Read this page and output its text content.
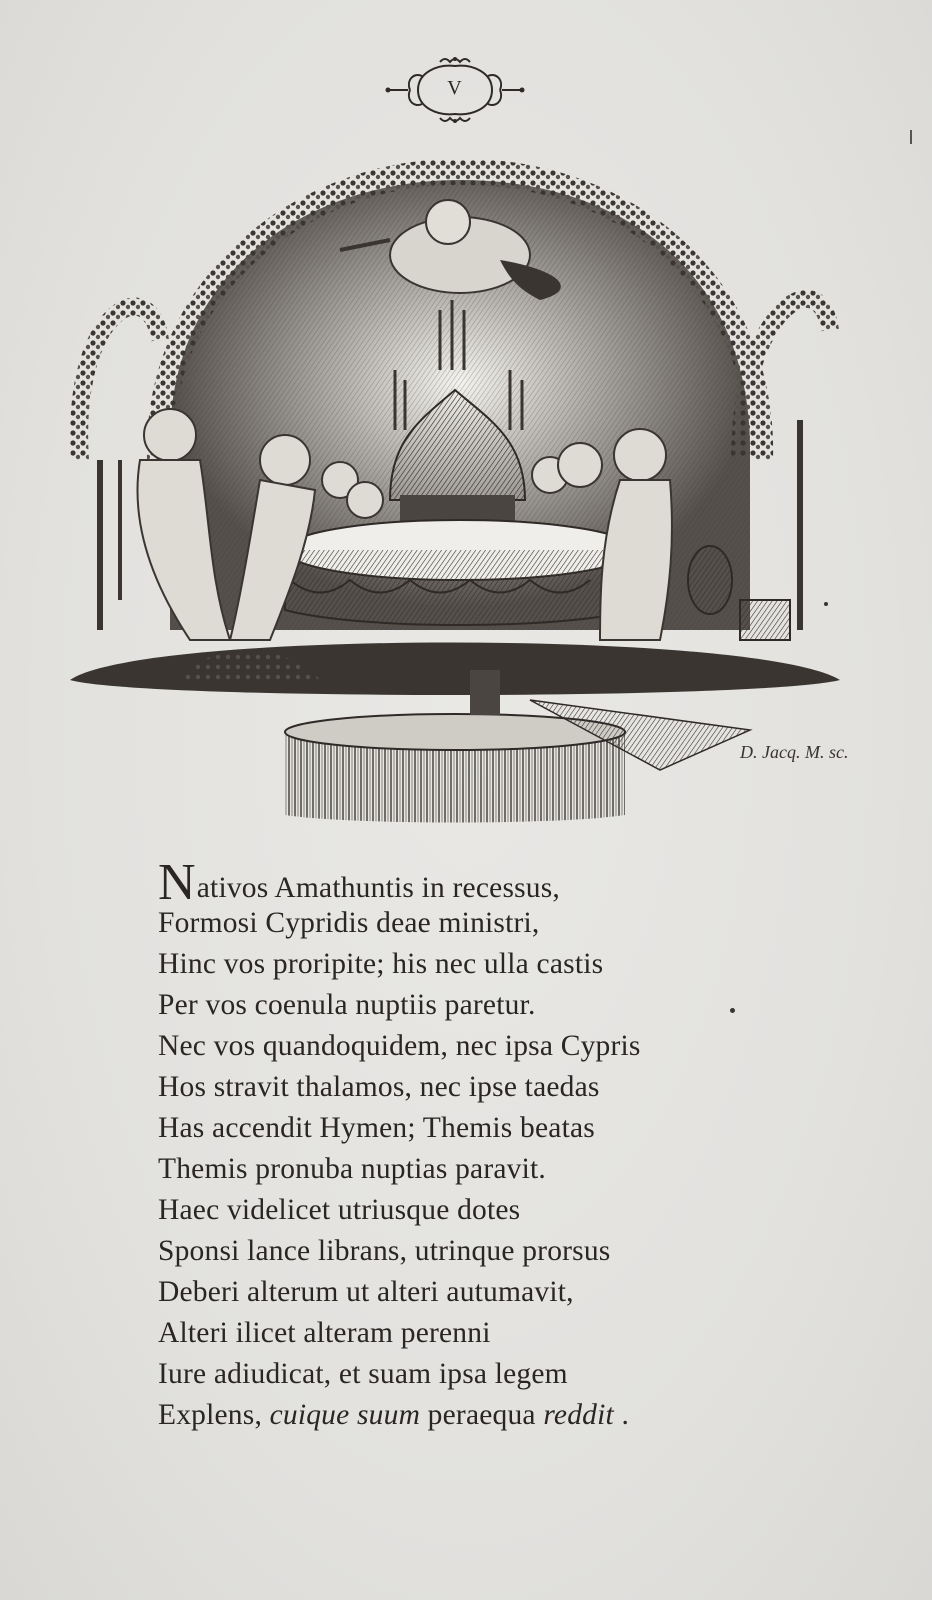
V
D. Jacq. M. sc.
Nativos Amathuntis in recessus,
Formosi Cypridis deae ministri,
Hinc vos proripite; his nec ulla castis
Per vos coenula nuptiis paretur.
Nec vos quandoquidem, nec ipsa Cypris
Hos stravit thalamos, nec ipse taedas
Has accendit Hymen; Themis beatas
Themis pronuba nuptias paravit.
Haec videlicet utriusque dotes
Sponsi lance librans, utrinque prorsus
Deberi alterum ut alteri autumavit,
Alteri ilicet alteram perenni
Iure adiudicat, et suam ipsa legem
Explens, cuique suum peraequa reddit .
